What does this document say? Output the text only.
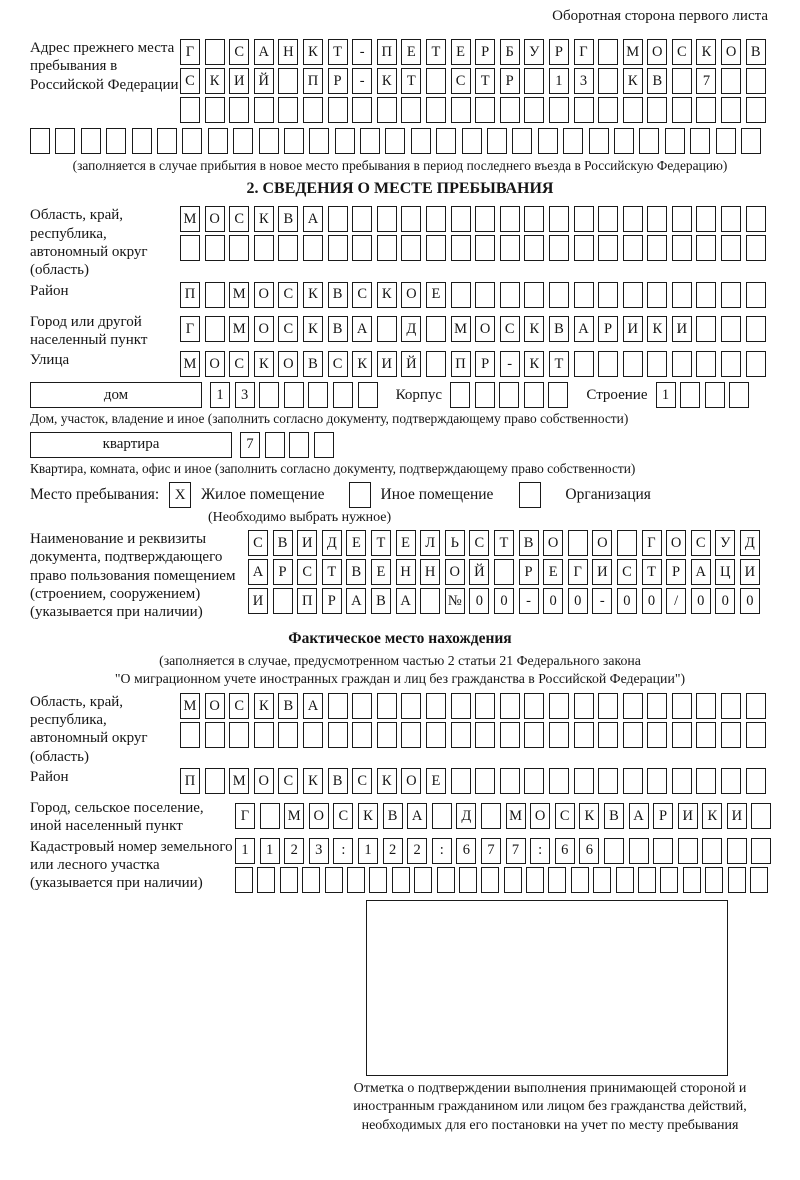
Оборотная сторона первого листа
Адрес прежнего места пребывания в Российской Федерации
Г	С	А Н	К	Т	-	П	Е	Т	Е	Р	Б	У	Р	Г	М О	С	К	О	В
С	К	И Й	П	Р	-	К	Т	С	Т	Р	1	3	К	В	7
(заполняется в случае прибытия в новое место пребывания в период последнего въезда в Российскую Федерацию)
2. СВЕДЕНИЯ О МЕСТЕ ПРЕБЫВАНИЯ
Область, край, республика, автономный округ (область)
М О	С	К	В	А
Район	П	М О	С	К	В	С	К	О	Е
Город или другой населенный пункт
Г	М О	С	К	В	А	Д	М О	С	К	В	А	Р	И	К	И
Улица	М О	С	К	О	В	С	К	И Й	П	Р	-	К	Т
дом	1	3	Корпус	Строение 1
Дом, участок, владение и иное (заполнить согласно документу, подтверждающему право собственности)
квартира	7
Квартира, комната, офис и иное (заполнить согласно документу, подтверждающему право собственности)
Место пребывания:	X	Жилое помещение	Иное помещение	Организация
(Необходимо выбрать нужное)
Наименование и реквизиты документа, подтверждающего право пользования помещением (строением, сооружением) (указывается при наличии)
С	В	И Д	Е	Т	Е	Л	Ь	С	Т	В	О	О	Г	О	С	У	Д
А	Р	С	Т	В	Е	Н Н О Й	Р	Е	Г	И	С	Т	Р	А Ц И
И	П	Р	А	В	А	№ 0	0	-	0	0	-	0	0	/	0	0	0
Фактическое место нахождения
(заполняется в случае, предусмотренном частью 2 статьи 21 Федерального закона
"О миграционном учете иностранных граждан и лиц без гражданства в Российской Федерации")
Область, край, республика, автономный округ (область)
М О	С	К	В	А
Район	П	М О	С	К	В	С	К	О	Е
Город, сельское поселение, иной населенный пункт
Г	М О	С	К	В	А	Д	М О	С	К	В	А	Р	И	К	И
Кадастровый номер земельного или лесного участка (указывается при наличии)
1	1	2	3	:	1	2	2	:	6	7	7	:	6	6
Отметка о подтверждении выполнения принимающей стороной и иностранным гражданином или лицом без гражданства действий, необходимых для его постановки на учет по месту пребывания
